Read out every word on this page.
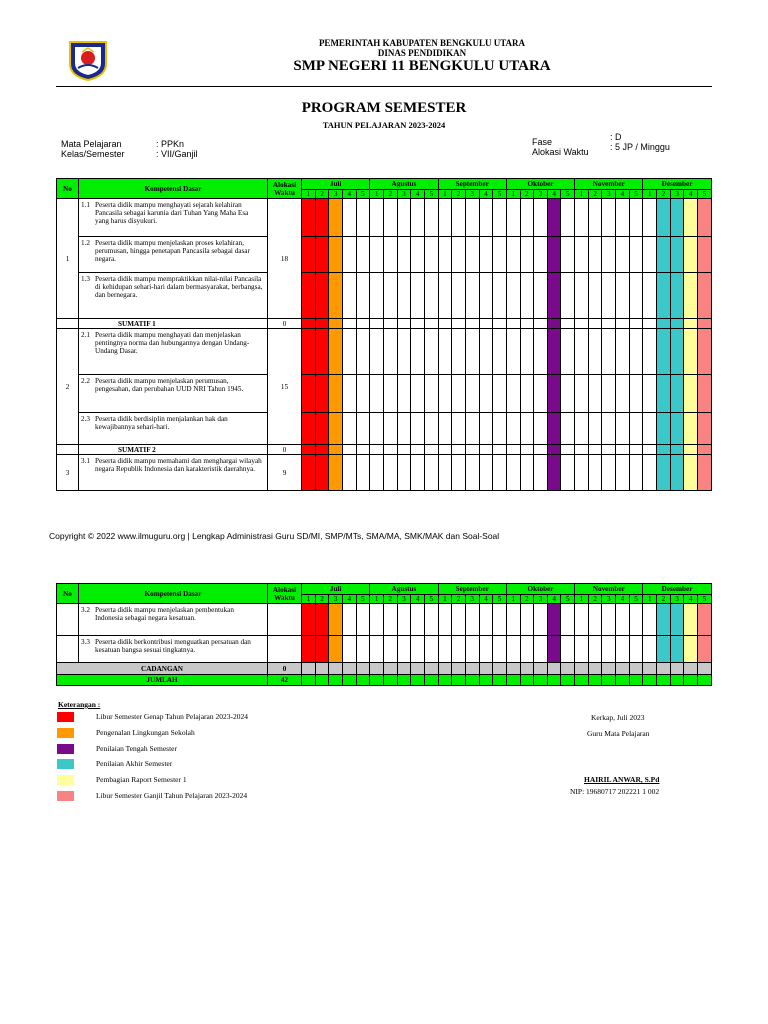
PEMERINTAH KABUPATEN BENGKULU UTARA
DINAS PENDIDIKAN
SMP NEGERI 11 BENGKULU UTARA
PROGRAM SEMESTER
TAHUN PELAJARAN 2023-2024
Mata Pelajaran	: PPKn
Kelas/Semester	: VII/Ganjil
Fase	: D
Alokasi Waktu : 5 JP / Minggu
No	Kompetensi Dasar	Alokasi Waktu	Juli					Agustus					September					Oktober					November					Desember				
			1	2	3	4	5	1	2	3	4	5	1	2	3	4	5	1	2	3	4	5	1	2	3	4	5	1	2	3	4	5
1	1.1 Peserta didik mampu menghayati sejarah kelahiran Pancasila sebagai karunia dari Tuhan Yang Maha Esa yang harus disyukuri.	18																														
	1.2 Peserta didik mampu menjelaskan proses kelahiran, perumusan, hingga penetapan Pancasila sebagai dasar negara.																															
	1.3 Peserta didik mampu mempraktikkan nilai-nilai Pancasila di kehidupan sehari-hari dalam bermasyarakat, berbangsa, dan bernegara.																															
	SUMATIF 1	0																														
2	2.1 Peserta didik mampu menghayati dan menjelaskan pentingnya norma dan hubungannya dengan Undang-Undang Dasar.	15																														
	2.2 Peserta didik mampu menjelaskan perumusan, pengesahan, dan perubahan UUD NRI Tahun 1945.																															
	2.3 Peserta didik berdisiplin menjalankan hak dan kewajibannya sehari-hari.																															
	SUMATIF 2	0																														
3	3.1 Peserta didik mampu memahami dan menghargai wilayah negara Republik Indonesia dan karakteristik daerahnya.	9																														
Copyright © 2022 www.ilmuguru.org | Lengkap Administrasi Guru SD/MI, SMP/MTs, SMA/MA, SMK/MAK dan Soal-Soal
No	Kompetensi Dasar	Alokasi Waktu	Juli					Agustus					September					Oktober					November					Desember				
			1	2	3	4	5	1	2	3	4	5	1	2	3	4	5	1	2	3	4	5	1	2	3	4	5	1	2	3	4	5
	3.2 Peserta didik mampu menjelaskan pembentukan Indonesia sebagai negara kesatuan.																															
	3.3 Peserta didik berkontribusi menguatkan persatuan dan kesatuan bangsa sesuai tingkatnya.																															
CADANGAN		0																														
JUMLAH		42																														
Keterangan :
Libur Semester Genap Tahun Pelajaran 2023-2024
Pengenalan Lingkungan Sekolah
Penilaian Tengah Semester
Penilaian Akhir Semester
Pembagian Raport Semester 1
Libur Semester Ganjil Tahun Pelajaran 2023-2024
Kerkap, Juli 2023
Guru Mata Pelajaran
HAIRIL ANWAR, S.Pd
NIP: 19680717 202221 1 002
